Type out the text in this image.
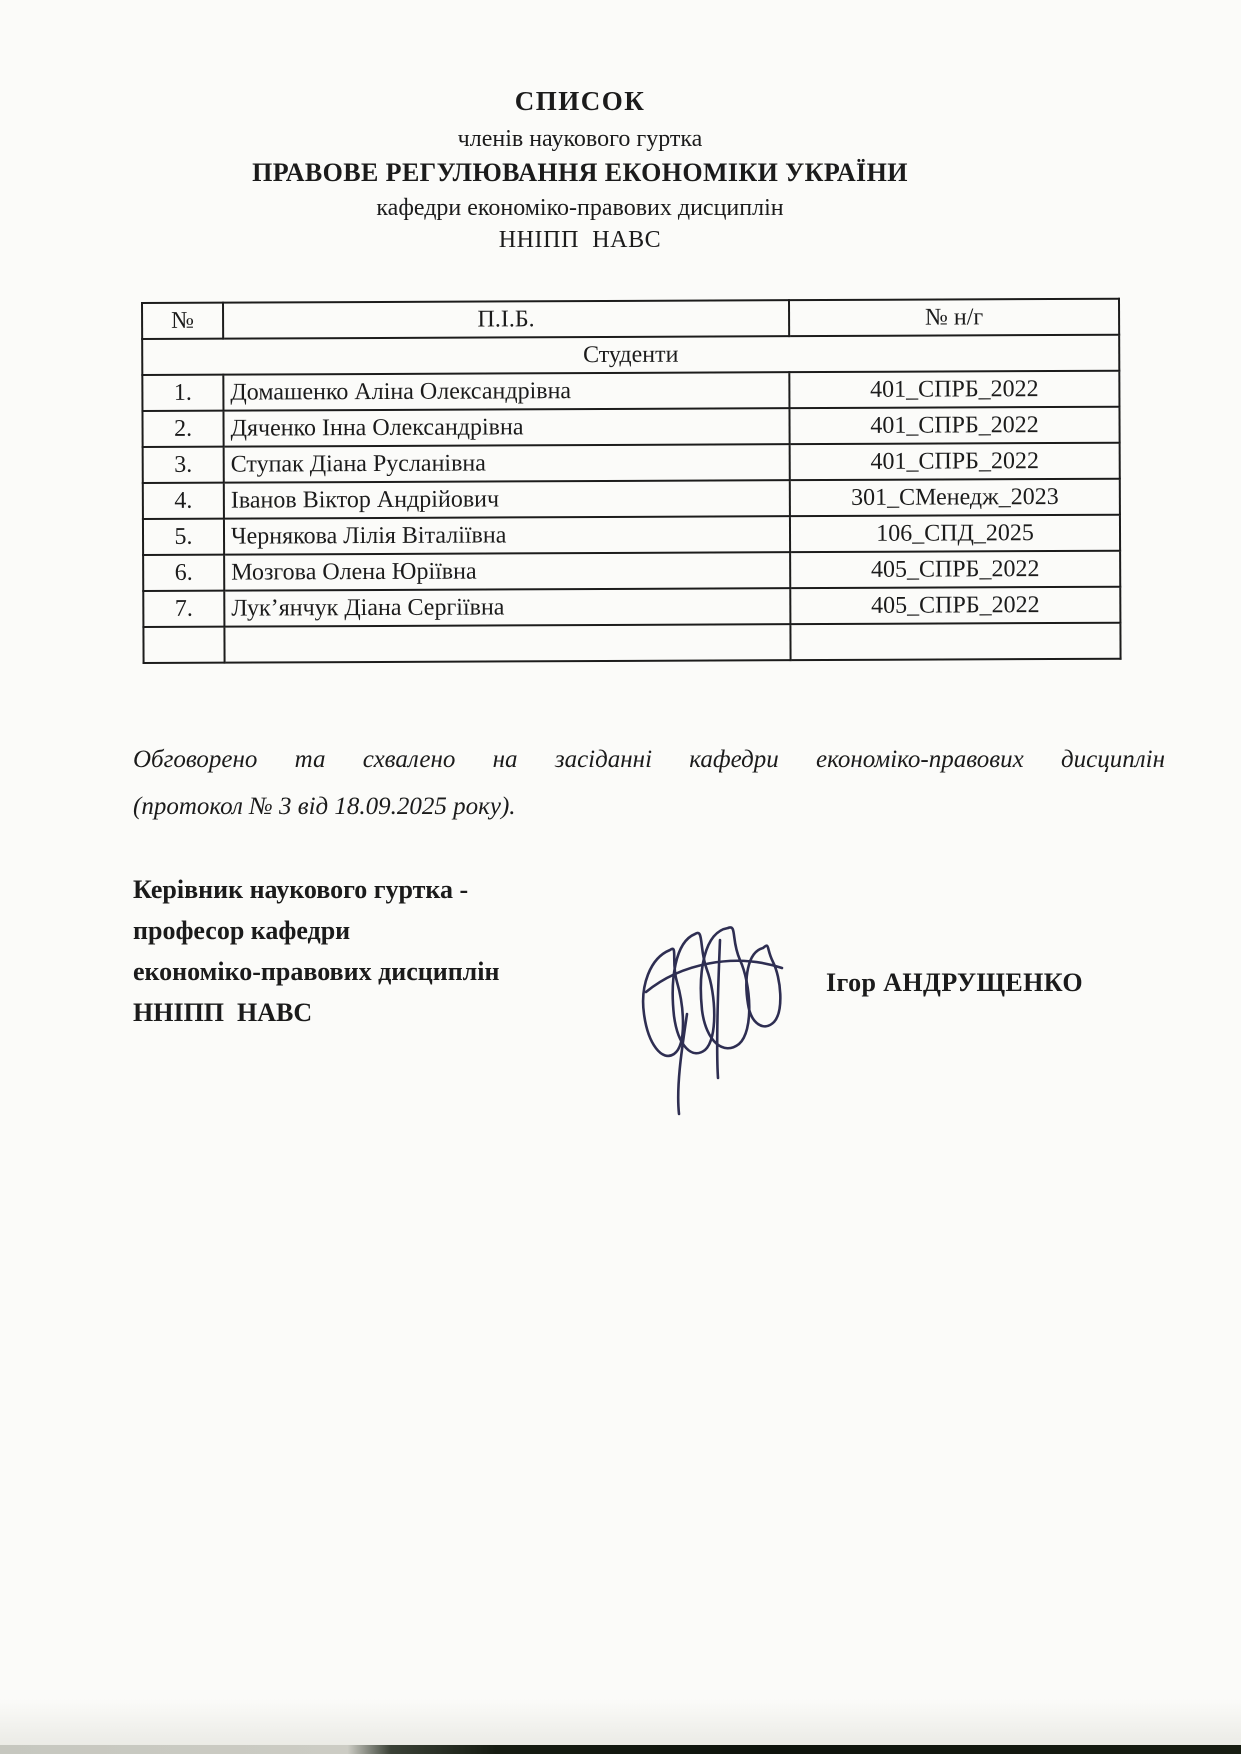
СПИСОК
членів наукового гуртка
ПРАВОВЕ РЕГУЛЮВАННЯ ЕКОНОМІКИ УКРАЇНИ
кафедри економіко-правових дисциплін
ННІПП  НАВС
№	П.І.Б.	№ н/г
Студенти		
1.	Домашенко Аліна Олександрівна	401_СПРБ_2022
2.	Дяченко Інна Олександрівна	401_СПРБ_2022
3.	Ступак Діана Русланівна	401_СПРБ_2022
4.	Іванов Віктор Андрійович	301_СМенедж_2023
5.	Чернякова Лілія Віталіївна	106_СПД_2025
6.	Мозгова Олена Юріївна	405_СПРБ_2022
7.	Лук’янчук Діана Сергіївна	405_СПРБ_2022

Обговорено та схвалено на засіданні кафедри економіко-правових дисциплін
(протокол № 3 від 18.09.2025 року).
Керівник наукового гуртка -
професор кафедри
економіко-правових дисциплін
ННІПП  НАВС
Ігор АНДРУЩЕНКО
